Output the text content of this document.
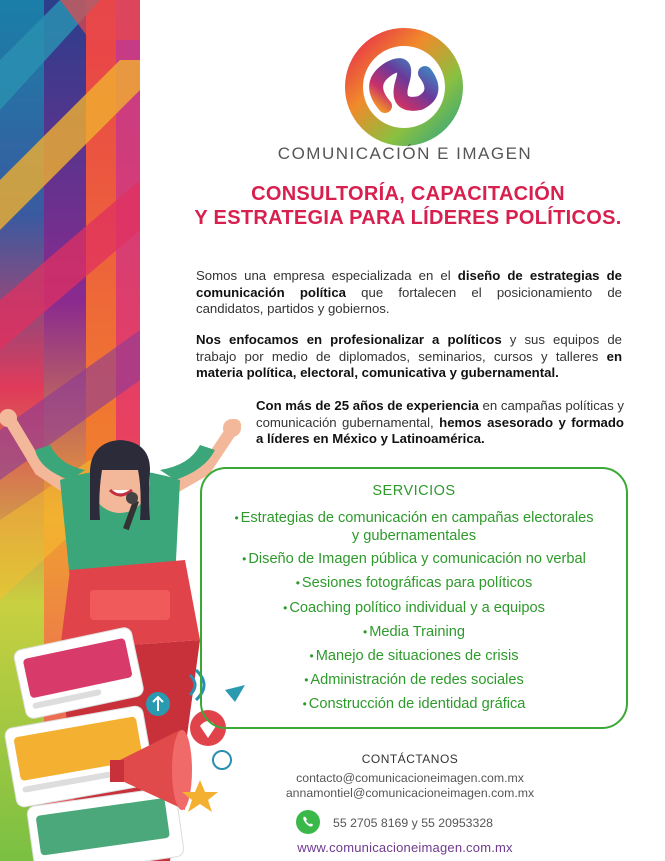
COMUNICACIÓN E IMAGEN
CONSULTORÍA, CAPACITACIÓN
Y ESTRATEGIA PARA LÍDERES POLÍTICOS.
Somos una empresa especializada en el diseño de estrategias de comunicación política que fortalecen el posicionamiento de candidatos, partidos y gobiernos.
Nos enfocamos en profesionalizar a políticos y sus equipos de trabajo por medio de diplomados, seminarios, cursos y talleres en materia política, electoral, comunicativa y gubernamental.
Con más de 25 años de experiencia en campañas políticas y comunicación gubernamental, hemos asesorado y formado a líderes en México y Latinoamérica.
SERVICIOS
• Estrategias de comunicación en campañas electorales
y gubernamentales
• Diseño de Imagen pública y comunicación no verbal
• Sesiones fotográficas para políticos
• Coaching político individual y a equipos
• Media Training
• Manejo de situaciones de crisis
• Administración de redes sociales
• Construcción de identidad gráfica
CONTÁCTANOS
contacto@comunicacioneimagen.com.mx
annamontiel@comunicacioneimagen.com.mx
55 2705 8169 y 55 20953328
www.comunicacioneimagen.com.mx
